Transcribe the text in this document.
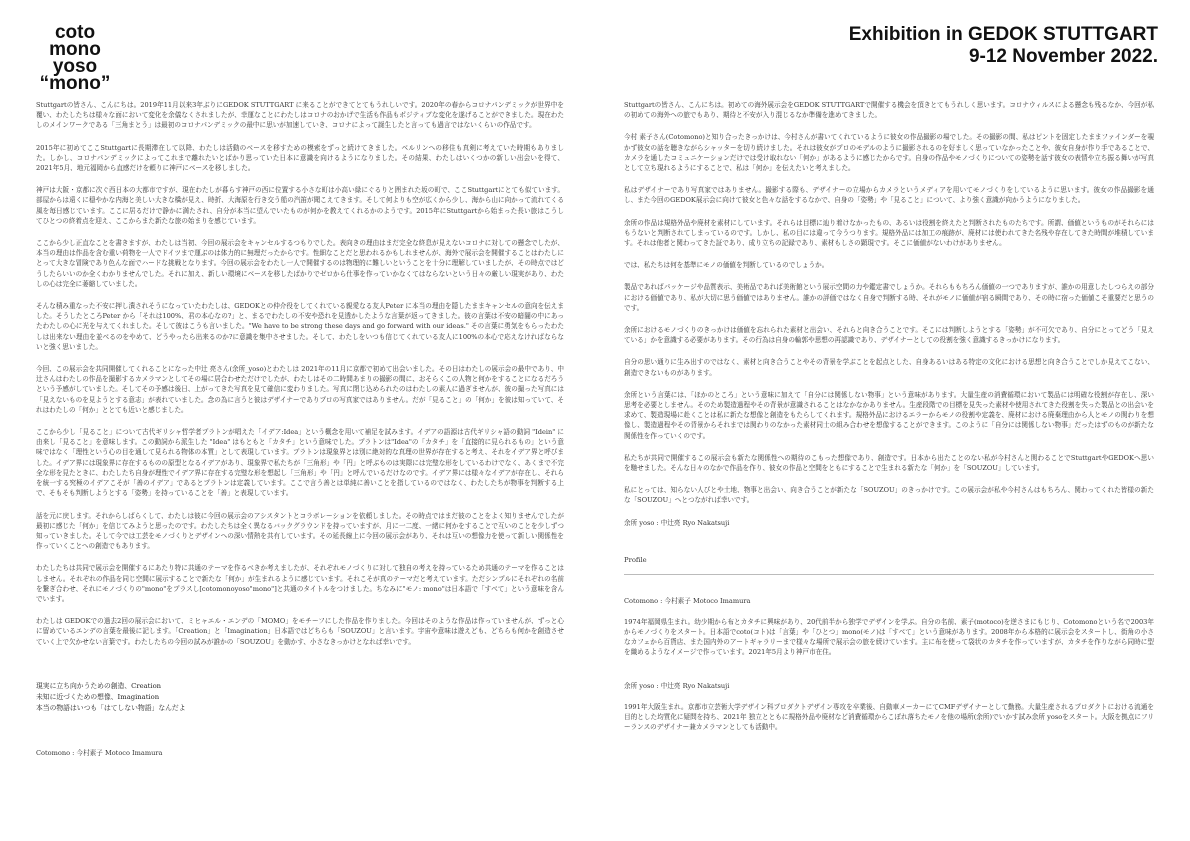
coto
mono
yoso
“mono”
Exhibition in GEDOK STUTTGART
9-12 November 2022.

Stuttgartの皆さん、こんにちは。2019年11月以来3年ぶりにGEDOK STUTTGART に来ることができてとてもうれしいです。2020年の春からコロナパンデミックが世界中を覆い、わたしたちは様々な面において変化を余儀なくされましたが、幸運なことにわたしはコロナのおかげで生活も作品もポジティブな変化を遂げることができました。現在わたしのメインワークである「三角まとう」は最初のコロナパンデミックの最中に思いが加速していき、コロナによって誕生したと言っても過言ではないくらいの作品です。

2015年に初めてここStuttgartに長期滞在して以降、わたしは活動のベースを移すための模索をずっと続けてきました。ベルリンへの移住も真剣に考えていた時期もありました。しかし、コロナパンデミックによってこれまで離れたいとばかり思っていた日本に意識を向けるようになりました。その結果、わたしはいくつかの新しい出会いを得て、2021年5月、地元福岡から直感だけを頼りに神戸にベースを移しました。

神戸は大阪・京都に次ぐ西日本の大都市ですが、現在わたしが暮らす神戸の西に位置する小さな町は小高い緑にぐるりと囲まれた坂の町で、ここStuttgartにとても似ています。部屋からは遠くに穏やかな内海と美しい大きな橋が見え、時折、大海原を行き交う船の汽笛が聞こえてきます。そして何よりも空が広くから少し、海から山に向かって流れてくる風を毎日感じています。ここに居るだけで静かに満たされ、自分が本当に望んでいたものが何かを教えてくれるかのようです。2015年にStuttgartから始まった長い旅はこうしてひとつの終着点を迎え、ここからまた新たな旅の始まりを感じています。

ここから少し正直なことを書きますが、わたしは当初、今回の展示会をキャンセルするつもりでした。表向きの理由はまだ完全な終息が見えないコロナに対しての懸念でしたが、本当の理由は作品を含む重い荷物を一人でドイツまで運ぶのは体力的に無理だったからです。性細なことだと思われるかもしれませんが、海外で展示会を開催することはわたしにとって大きな冒険であり色んな面でハードな挑戦となります。今回の展示会をわたし一人で開催するのは物理的に難しいということを十分に理解していましたが、その時点ではどうしたらいいのか全くわかりませんでした。それに加え、新しい環境にベースを移したばかりでゼロから仕事を作っていかなくてはならないという日々の厳しい現実があり、わたしの心は完全に萎縮していました。

そんな積み重なった不安に押し潰されそうになっていたわたしは、GEDOKとの仲介役をしてくれている親愛なる友人Peter に本当の理由を隠したままキャンセルの意向を伝えました。そうしたところPeter から「それは100%、君の本心なの?」と、まるでわたしの不安や恐れを見透かしたような言葉が返ってきました。彼の言葉は不安の暗闇の中にあったわたしの心に光を与えてくれました。そして彼はこうも言いました。"We have to be strong these days and go forward with our ideas." その言葉に勇気をもらったわたしは出来ない理由を並べるのをやめて、どうやったら出来るのか?に意識を集中させました。そして、わたしをいつも信じてくれている友人に100%の本心で応えなければならないと強く思いました。

今回、この展示会を共同開催してくれることになった中辻 亮さん(余所_yoso)とわたしは 2021年の11月に京都で初めて出会いました。その日はわたしの展示会の最中であり、中辻さんはわたしの作品を撮影するカメラマンとしてその場に居合わせただけでしたが、わたしはその二時間あまりの撮影の間に、おそらくこの人物と何かをすることになるだろうという予感がしていました。そしてその予感は後日、上がってきた写真を見て確信に変わりました。写真に閉じ込められたのはわたしの素人に過ぎませんが、彼の撮った写真には「見えないものを見ようとする意志」が表れていました。念の為に言うと彼はデザイナーでありプロの写真家ではありません。だが「見ること」の「何か」を彼は知っていて、それはわたしの「何か」ととても近いと感じました。

ここから少し「見ること」について古代ギリシャ哲学者プラトンが唱えた「イデア:Idea」という概念を用いて補足を試みます。イデアの語源は古代ギリシャ語の動詞 "Idein" に由来し「見ること」を意味します。この動詞から派生した "Idea" はもともと「カタチ」という意味でした。プラトンは"Idea"の「カタチ」を「直接的に見られるもの」という意味ではなく「理性という心の目を通して見られる物体の本質」として表現しています。プラトンは現象界とは別に絶対的な真理の世界が存在すると考え、それをイデア界と呼びました。イデア界には現象界に存在するものの原型となるイデアがあり、現象界で私たちが「三角形」や「円」と呼ぶものは実際には完璧な形をしているわけでなく、あくまで不完全な形を見たときに、わたしたち自身が理性でイデア界に存在する完璧な形を想起し「三角形」や「円」と呼んでいるだけなのです。イデア界には様々なイデアが存在し、それらを統一する究極のイデアこそが「善のイデア」であるとプラトンは定義しています。ここで言う善とは単純に善いことを指しているのではなく、わたしたちが物事を判断する上で、そもそも判断しようとする「姿勢」を持っていることを「善」と表現しています。

話を元に戻します。それからしばらくして、わたしは彼に今回の展示会のアシスタントとコラボレーションを依頼しました。その時点ではまだ彼のことをよく知りませんでしたが最初に感じた「何か」を信じてみようと思ったのです。わたしたちは全く異なるバックグラウンドを持っていますが、月に一二度、一緒に何かをすることで互いのことを少しずつ知っていきました。そして今では工芸をモノづくりとデザインへの深い情熱を共有しています。その延長線上に今回の展示会があり、それは互いの想像力を使って新しい関係性を作っていくことへの創造でもあります。

わたしたちは共同で展示会を開催するにあたり特に共通のテーマを作るべきか考えましたが、それぞれモノづくりに対して独自の考えを持っているため共通のテーマを作ることはしません。それぞれの作品を同じ空間に展示することで新たな「何か」が生まれるように感じています。それこそが真のテーマだと考えています。ただシンプルにそれぞれの名前を繋ぎ合わせ、それにモノづくりの"mono"をプラスし[cotomonoyoso"mono"]と共通のタイトルをつけました。ちなみに"モノ: mono"は日本語で「すべて」という意味を含んでいます。

わたしは GEDOKでの過去2回の展示会において、ミヒャエル・エンデの「MOMO」をモチーフにした作品を作りました。今回はそのような作品は作っていませんが、ずっと心に留めているエンデの言葉を最後に記します。「Creation」と「Imagination」日本語ではどちらも「SOUZOU」と言います。宇宙や意味は遊えども、どちらも何かを創造させていく上で欠かせない言葉です。わたしたちの今回の試みが誰かの「SOUZOU」を動かす、小さなきっかけとなれば幸いです。

現実に立ち向かうための創造、Creation
未知に近づくための想像、Imagination
本当の物語はいつも「はてしない物語」なんだよ
Cotomono : 今村素子 Motoco Imamura

Stuttgartの皆さん、こんにちは。初めての海外展示会をGEDOK STUTTGARTで開催する機会を頂きとてもうれしく思います。コロナウィルスによる懸念も残るなか、今回が私の初めての海外への旅でもあり、期待と不安が入り混じるなか準備を進めてきました。

今村 素子さん(Cotomono)と知り合ったきっかけは、今村さんが書いてくれているように彼女の作品撮影の場でした。その撮影の間、私はピントを固定したままファインダーを覗かず彼女の話を聴きながらシャッターを切り続けました。それは彼女がプロのモデルのように撮影されるのを好ましく思っていなかったことや、彼女自身が作り手であることで、カメラを通したコミュニケーションだけでは受け取れない「何か」があるように感じたからです。自身の作品やモノづくりについての姿勢を話す彼女の表情や立ち振る舞いが写真として立ち現れるようにすることで、私は「何か」を伝えたいと考えました。

私はデザイナーであり写真家ではありません。撮影する際も、デザイナーの立場からカメラというメディアを用いてモノづくりをしているように思います。彼女の作品撮影を通し、また今回のGEDOK展示会に向けて彼女と色々な話をするなかで、自身の「姿勢」や「見ること」について、より強く意識が向かうようになりました。

余所の作品は規格外品や廃材を素材にしています。それらは目標に辿り着けなかったもの、あるいは役割を終えたと判断されたものたちです。所謂、価値というものがそれらにはもうないと判断されてしまっているのです。しかし、私の目には違って今うつります。規格外品には加工の痕跡が、廃材には使われてきた名残や存在してきた時間が堆積しています。それは他者と関わってきた証であり、成り立ちの記録であり、素材もしさの顕現です。そこに価値がないわけがありません。

では、私たちは何を基準にモノの価値を判断しているのでしょうか。

製品であればパッケージや品質表示、美術品であれば美術館という展示空間の力や鑑定書でしょうか。それらももちろん価値の一つでありますが、誰かの用意したしつらえの部分における価値であり、私が大切に思う価値ではありません。誰かの評価ではなく自身で判断する時、それがモノに価値が宿る瞬間であり、その時に宿った価値こそ重要だと思うのです。

余所におけるモノづくりのきっかけは価値を忘れられた素材と出会い、それらと向き合うことです。そこには判断しようとする「姿勢」が不可欠であり、自分にとってどう「見えている」かを意識する必要があります。その行為は自身の輪郭や思想の再認識であり、デザイナーとしての役割を強く意識するきっかけになります。

自分の思い通りに生み出すのではなく、素材と向き合うことやその背景を学ぶことを起点とした、自身あるいはある特定の文化における思想と向き合うことでしか見えてこない、創造できないものがあります。

余所という言葉には、「ほかのところ」という意味に加えて「自分には関係しない物事」という意味があります。大量生産の消費循環において製品には明確な役割が存在し、深い思考を必要としません。そのため製造過程やその背景が意識されることはなかなかありません。生産段階での目標を見失った素材や使用されてきた役割を失った製品との出会いを求めて、製造現場に赴くことは私に新たな想像と創造をもたらしてくれます。規格外品におけるエラーからモノの役割や定義を、廃材における廃棄理由から人とモノの関わりを想像し、製造過程やその背景からそれまでは関わりのなかった素材同士の組み合わせを想像することができます。このように「自分には関係しない物事」だったはずのものが新たな関係性を作っていくのです。

私たちが共同で開催するこの展示会も新たな関係性への期待のこもった想像であり、創造です。日本から出たことのない私が今村さんと関わることでStuttgartやGEDOKへ思いを馳せました。そんな日々のなかで作品を作り、彼女の作品と空間をともにすることで生まれる新たな「何か」を「SOUZOU」しています。

私にとっては、知らない人びとや土地、物事と出会い、向き合うことが新たな「SOUZOU」のきっかけです。この展示会が私や今村さんはもちろん、関わってくれた皆様の新たな「SOUZOU」へとつながれば幸いです。

余所 yoso : 中辻亮 Ryo Nakatsuji
Profile
Cotomono : 今村素子 Motoco Imamura

1974年福岡県生まれ。幼少期から布とカタチに興味があり、20代前半から独学でデザインを学ぶ。自分の名前、素子(motoco)を逆さまにもじり、Cotomonoという名で2003年からモノづくりをスタート。日本語でcoto(コト)は「言葉」や「ひとつ」mono(モノ)は「すべて」という意味があります。2008年から本格的に展示会をスタートし、街角の小さなカフェから百貨店、また国内外のアートギャラリーまで様々な場所で展示会の旅を続けています。主に布を使って袋状のカタチを作っていますが、カタチを作りながら同時に型を織めるようなイメージで作っています。2021年5月より神戸市在住。

余所 yoso : 中辻亮 Ryo Nakatsuji

1991年大阪生まれ。京都市立芸術大学デザイン科プロダクトデザイン専攻を卒業後、自動車メーカーにてCMFデザイナーとして勤務。大量生産されるプロダクトにおける流通を目的とした均質化に疑問を持ち、2021年 独立とともに規格外品や廃材など消費循環からこぼれ落ちたモノを他の場所(余所)でいかす試み余所 yosoをスタート。大阪を拠点にフリーランスのデザイナー兼カメラマンとしても活動中。
